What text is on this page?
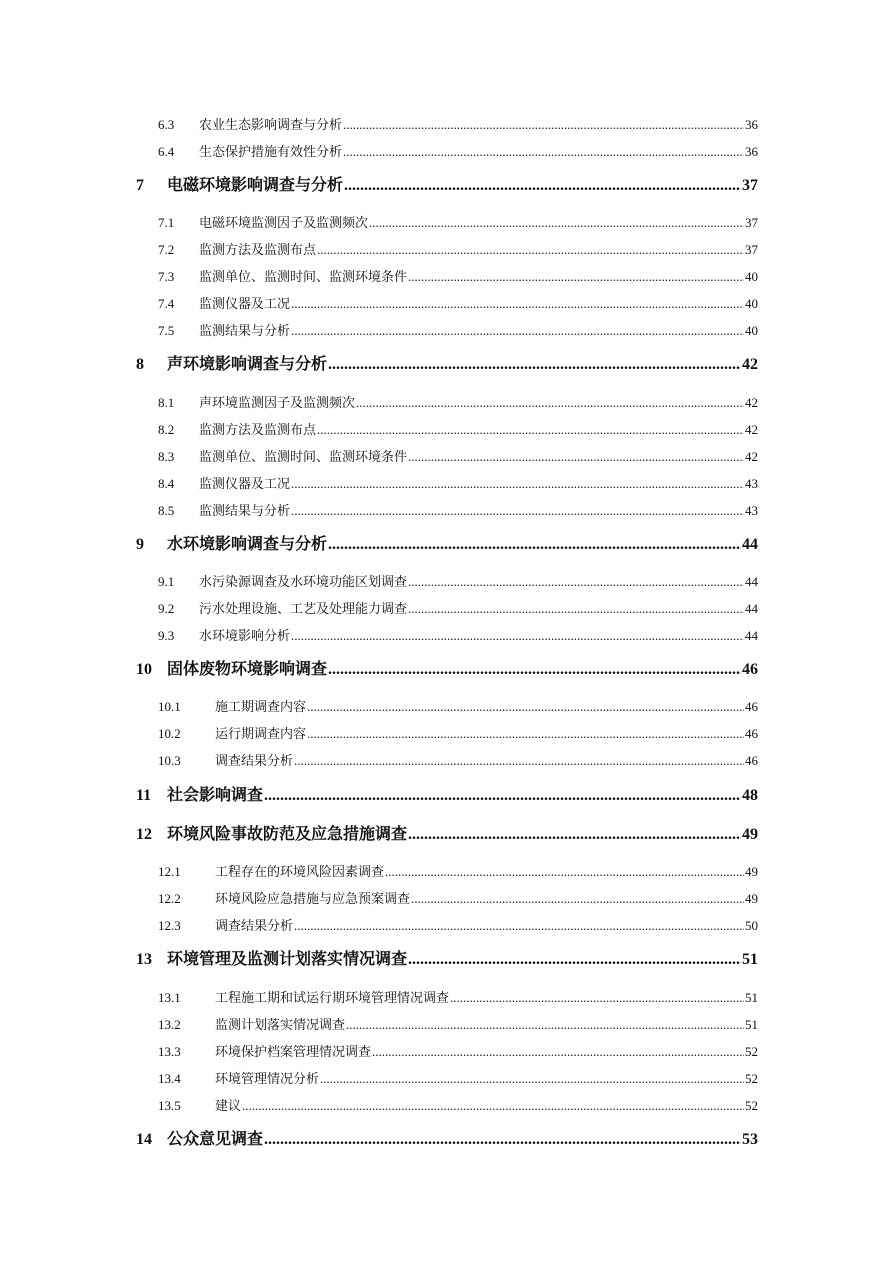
6.3	农业生态影响调查与分析 .....	36
6.4	生态保护措施有效性分析 .....	36
7	电磁环境影响调查与分析 .....	37
7.1	电磁环境监测因子及监测频次 .....	37
7.2	监测方法及监测布点 .....	37
7.3	监测单位、监测时间、监测环境条件 .....	40
7.4	监测仪器及工况 .....	40
7.5	监测结果与分析 .....	40
8	声环境影响调查与分析 .....	42
8.1	声环境监测因子及监测频次 .....	42
8.2	监测方法及监测布点 .....	42
8.3	监测单位、监测时间、监测环境条件 .....	42
8.4	监测仪器及工况 .....	43
8.5	监测结果与分析 .....	43
9	水环境影响调查与分析 .....	44
9.1	水污染源调查及水环境功能区划调查 .....	44
9.2	污水处理设施、工艺及处理能力调查 .....	44
9.3	水环境影响分析 .....	44
10 固体废物环境影响调查 .....	46
10.1	施工期调查内容 .....	46
10.2	运行期调查内容 .....	46
10.3	调查结果分析 .....	46
11 社会影响调查 .....	48
12 环境风险事故防范及应急措施调查 .....	49
12.1	工程存在的环境风险因素调查 .....	49
12.2	环境风险应急措施与应急预案调查 .....	49
12.3	调查结果分析 .....	50
13 环境管理及监测计划落实情况调查 .....	51
13.1	工程施工期和试运行期环境管理情况调查 .....	51
13.2	监测计划落实情况调查 .....	51
13.3	环境保护档案管理情况调查 .....	52
13.4	环境管理情况分析 .....	52
13.5	建议 .....	52
14 公众意见调查 .....	53
